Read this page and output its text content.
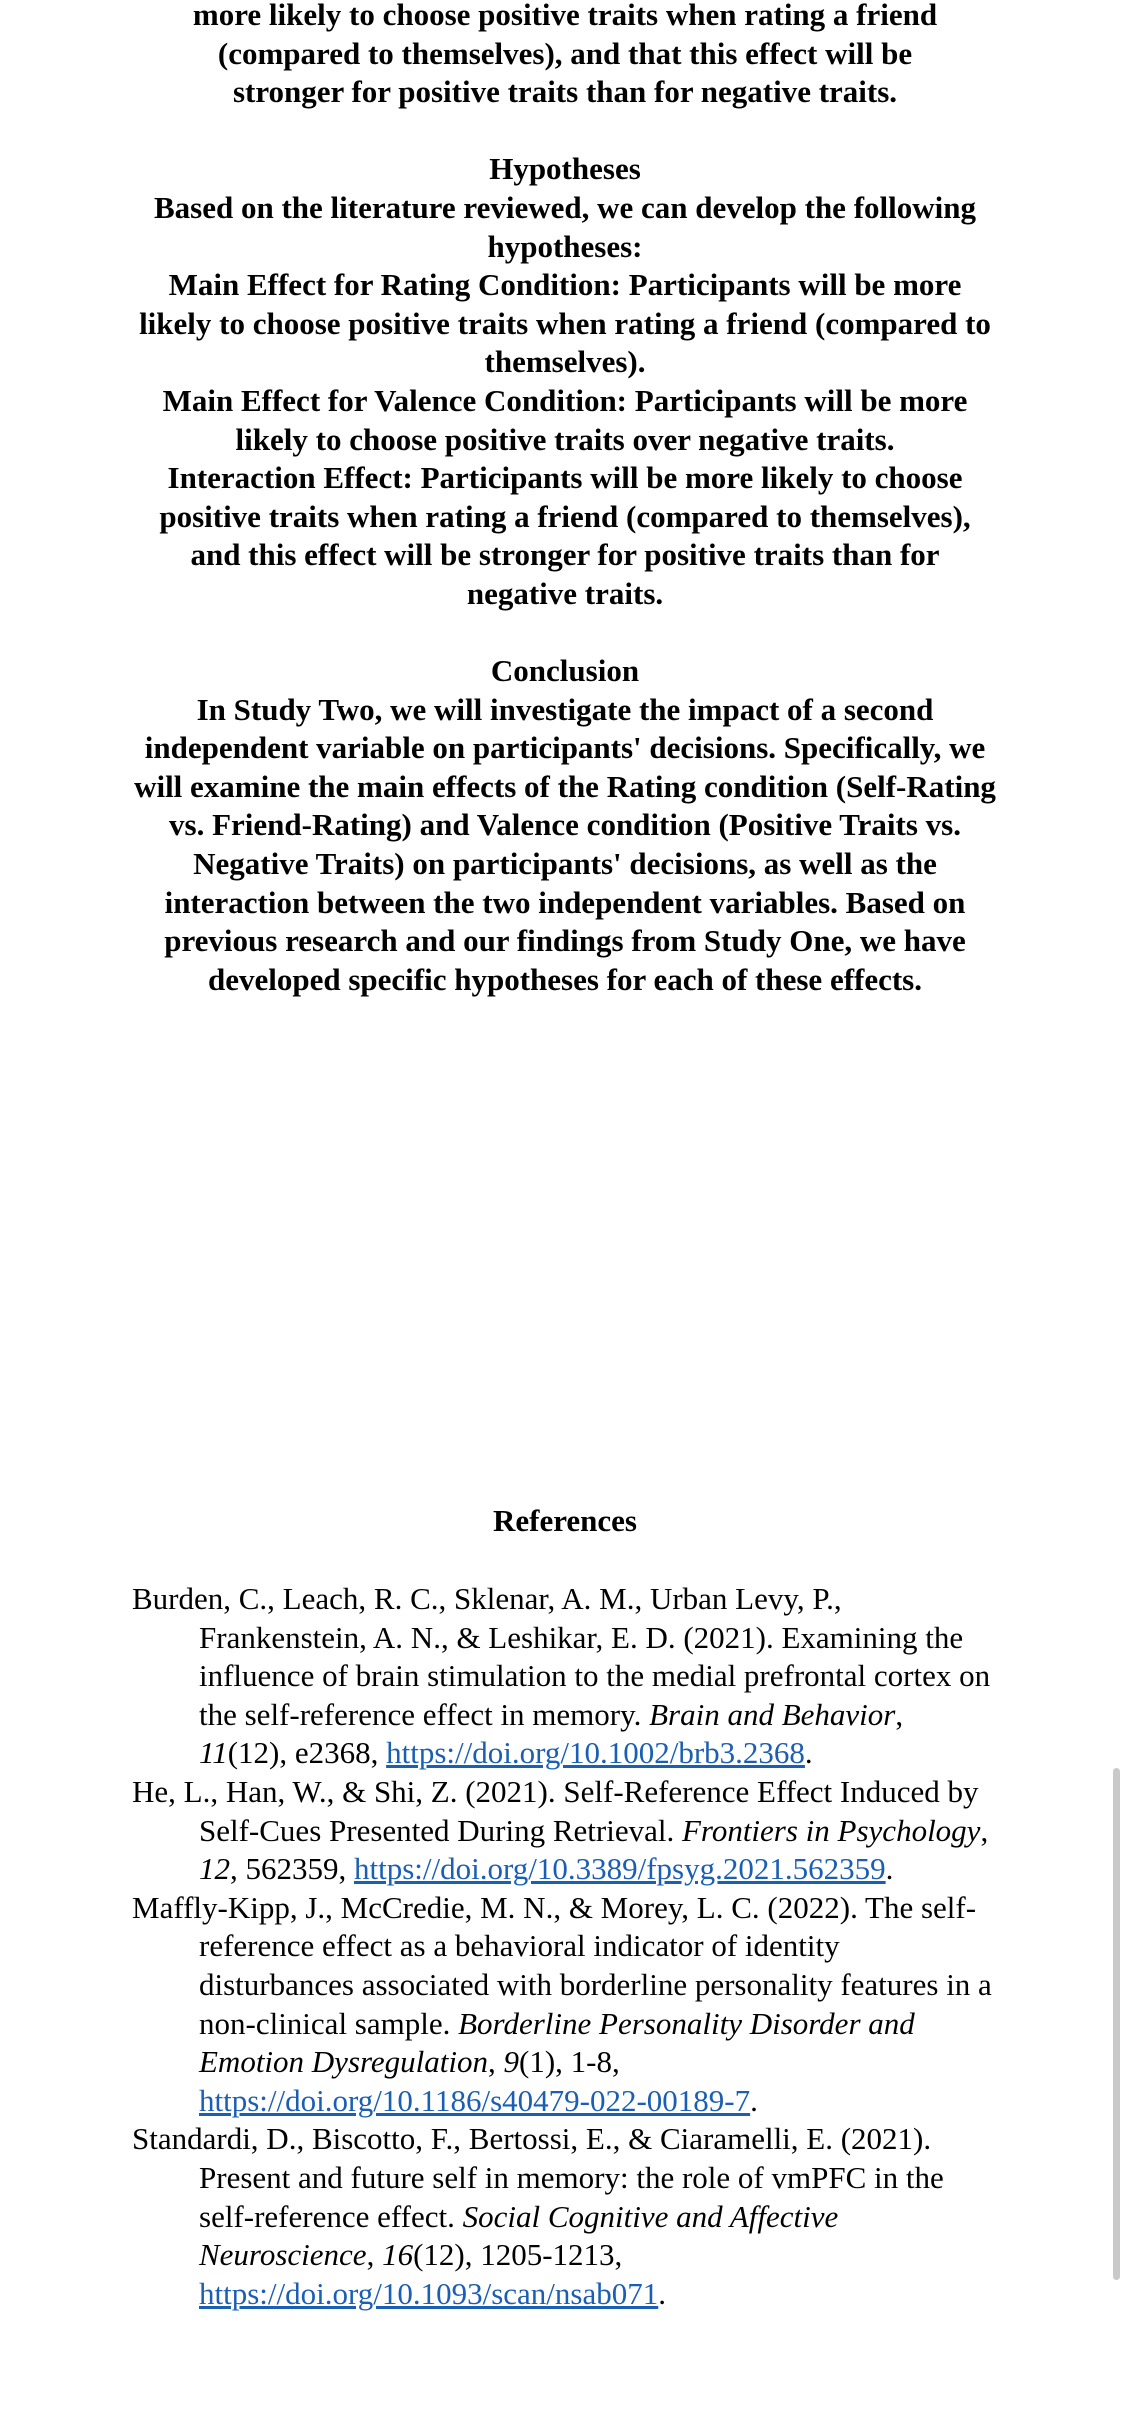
more likely to choose positive traits when rating a friend

(compared to themselves), and that this effect will be

stronger for positive traits than for negative traits.

Hypotheses

Based on the literature reviewed, we can develop the following hypotheses:

Main Effect for Rating Condition: Participants will be more likely to choose positive traits when rating a friend (compared to themselves).

Main Effect for Valence Condition: Participants will be more likely to choose positive traits over negative traits.

Interaction Effect: Participants will be more likely to choose positive traits when rating a friend (compared to themselves), and this effect will be stronger for positive traits than for negative traits.

Conclusion

In Study Two, we will investigate the impact of a second independent variable on participants' decisions. Specifically, we will examine the main effects of the Rating condition (Self-Rating vs. Friend-Rating) and Valence condition (Positive Traits vs. Negative Traits) on participants' decisions, as well as the interaction between the two independent variables. Based on previous research and our findings from Study One, we have developed specific hypotheses for each of these effects.

References

Burden, C., Leach, R. C., Sklenar, A. M., Urban Levy, P., Frankenstein, A. N., & Leshikar, E. D. (2021). Examining the influence of brain stimulation to the medial prefrontal cortex on the self-reference effect in memory. Brain and Behavior, 11(12), e2368, https://doi.org/10.1002/brb3.2368.

He, L., Han, W., & Shi, Z. (2021). Self-Reference Effect Induced by Self-Cues Presented During Retrieval. Frontiers in Psychology, 12, 562359, https://doi.org/10.3389/fpsyg.2021.562359.

Maffly-Kipp, J., McCredie, M. N., & Morey, L. C. (2022). The self-reference effect as a behavioral indicator of identity disturbances associated with borderline personality features in a non-clinical sample. Borderline Personality Disorder and Emotion Dysregulation, 9(1), 1-8, https://doi.org/10.1186/s40479-022-00189-7.

Standardi, D., Biscotto, F., Bertossi, E., & Ciaramelli, E. (2021). Present and future self in memory: the role of vmPFC in the self-reference effect. Social Cognitive and Affective Neuroscience, 16(12), 1205-1213, https://doi.org/10.1093/scan/nsab071.
